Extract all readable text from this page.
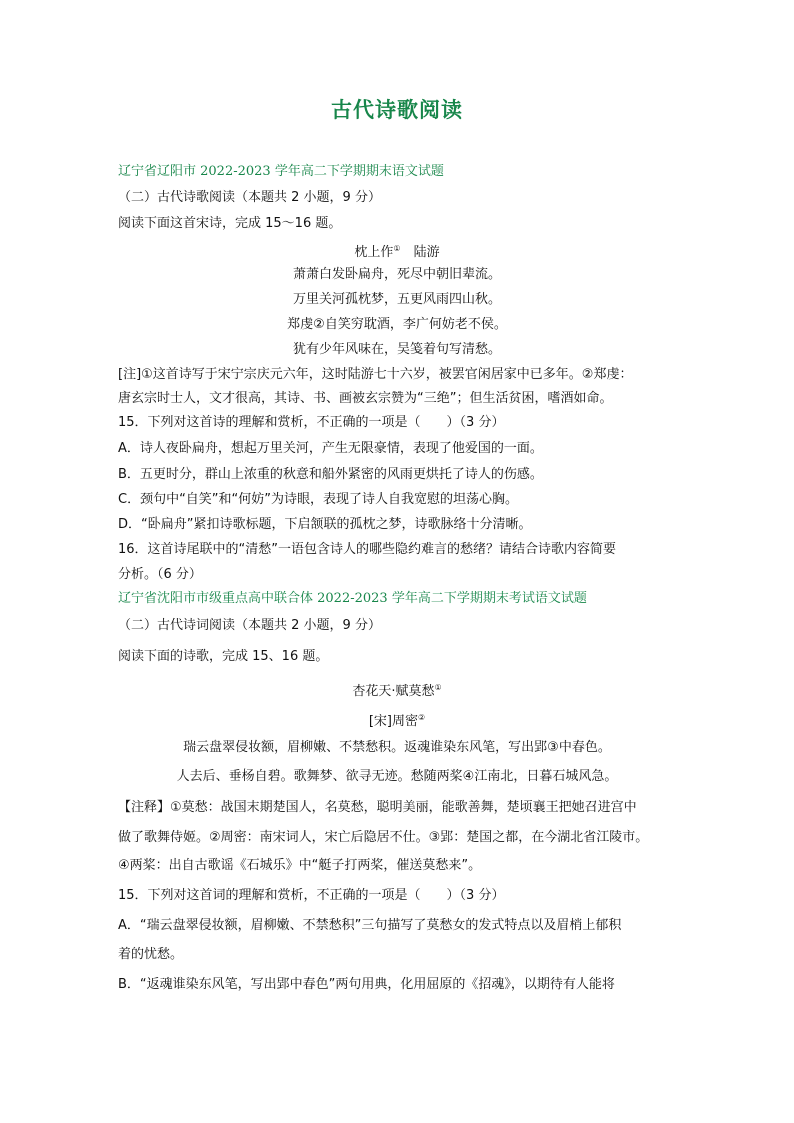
古代诗歌阅读
辽宁省辽阳市 2022-2023 学年高二下学期期末语文试题
（二）古代诗歌阅读（本题共 2 小题，9 分）
阅读下面这首宋诗，完成 15～16 题。
枕上作①　 陆游
萧萧白发卧扁舟，死尽中朝旧辈流。
万里关河孤枕梦，五更风雨四山秋。
郑虔②自笑穷耽酒，李广何妨老不侯。
犹有少年风味在，吴笺着句写清愁。
[注]①这首诗写于宋宁宗庆元六年，这时陆游七十六岁，被罢官闲居家中已多年。②郑虔：
唐玄宗时士人，文才很高，其诗、书、画被玄宗赞为“三绝”；但生活贫困，嗜酒如命。
15．下列对这首诗的理解和赏析，不正确的一项是（　　）（3 分）
A．诗人夜卧扁舟，想起万里关河，产生无限豪情，表现了他爱国的一面。
B．五更时分，群山上浓重的秋意和船外紧密的风雨更烘托了诗人的伤感。
C．颈句中“自笑”和“何妨”为诗眼，表现了诗人自我宽慰的坦荡心胸。
D．“卧扁舟”紧扣诗歌标题，下启颔联的孤枕之梦，诗歌脉络十分清晰。
16．这首诗尾联中的“清愁”一语包含诗人的哪些隐约难言的愁绪？请结合诗歌内容简要
分析。（6 分）
辽宁省沈阳市市级重点高中联合体 2022-2023 学年高二下学期期末考试语文试题
（二）古代诗词阅读（本题共 2 小题，9 分）
阅读下面的诗歌，完成 15、16 题。
杏花天·赋莫愁①
[宋]周密②
瑞云盘翠侵妆额，眉柳嫩、不禁愁积。返魂谁染东风笔，写出郢③中春色。
人去后、垂杨自碧。歌舞梦、欲寻无迹。愁随两桨④江南北，日暮石城风急。
【注释】①莫愁：战国末期楚国人，名莫愁，聪明美丽，能歌善舞，楚顷襄王把她召进宫中
做了歌舞侍姬。②周密：南宋词人，宋亡后隐居不仕。③郢：楚国之都，在今湖北省江陵市。
④两桨：出自古歌谣《石城乐》中“艇子打两桨，催送莫愁来”。
15．下列对这首词的理解和赏析，不正确的一项是（　　）（3 分）
A．“瑞云盘翠侵妆额，眉柳嫩、不禁愁积”三句描写了莫愁女的发式特点以及眉梢上郁积
着的忧愁。
B．“返魂谁染东风笔，写出郢中春色”两句用典，化用屈原的《招魂》，以期待有人能将
